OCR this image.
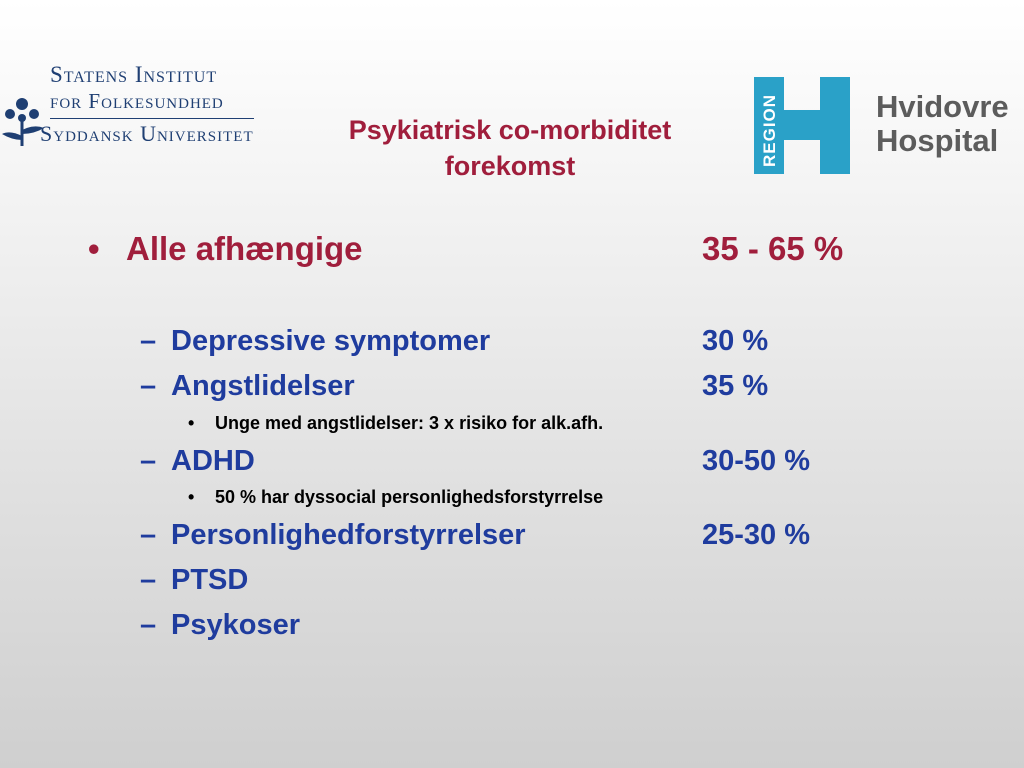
Statens Institut
for Folkesundhed
Syddansk Universitet	Psykiatrisk co-morbiditet
forekomst	REGION	Hvidovre
Hospital
• Alle afhængige	35 - 65 %
– Depressive symptomer	30 %
– Angstlidelser	35 %
• Unge med angstlidelser: 3 x risiko for alk.afh.
– ADHD	30-50 %
• 50 % har dyssocial personlighedsforstyrrelse
– Personlighedforstyrrelser	25-30 %
– PTSD
– Psykoser
